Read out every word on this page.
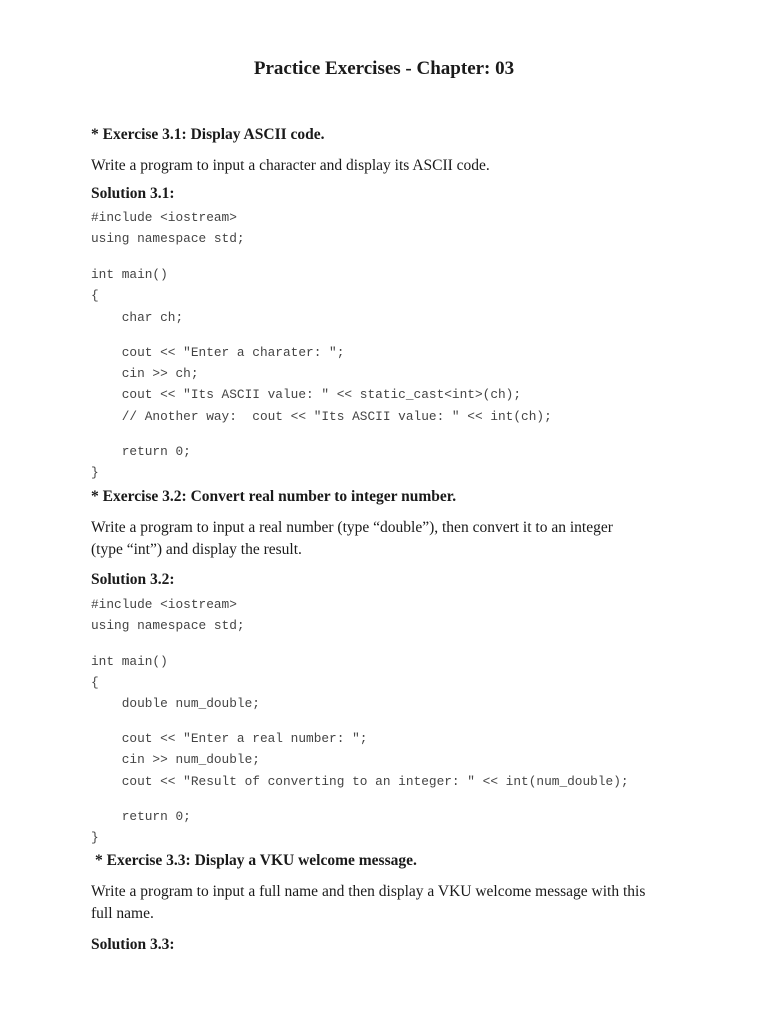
Practice Exercises - Chapter: 03
* Exercise 3.1: Display ASCII code.
Write a program to input a character and display its ASCII code.
Solution 3.1:
#include <iostream>
using namespace std;
int main()
{
char ch;
cout << "Enter a charater: ";
cin >> ch;
cout << "Its ASCII value: " << static_cast<int>(ch);
// Another way:  cout << "Its ASCII value: " << int(ch);
return 0;
}
* Exercise 3.2: Convert real number to integer number.
Write a program to input a real number (type “double”), then convert it to an integer
(type “int”) and display the result.
Solution 3.2:
#include <iostream>
using namespace std;
int main()
{
double num_double;
cout << "Enter a real number: ";
cin >> num_double;
cout << "Result of converting to an integer: " << int(num_double);
return 0;
}
* Exercise 3.3: Display a VKU welcome message.
Write a program to input a full name and then display a VKU welcome message with this
full name.
Solution 3.3:
